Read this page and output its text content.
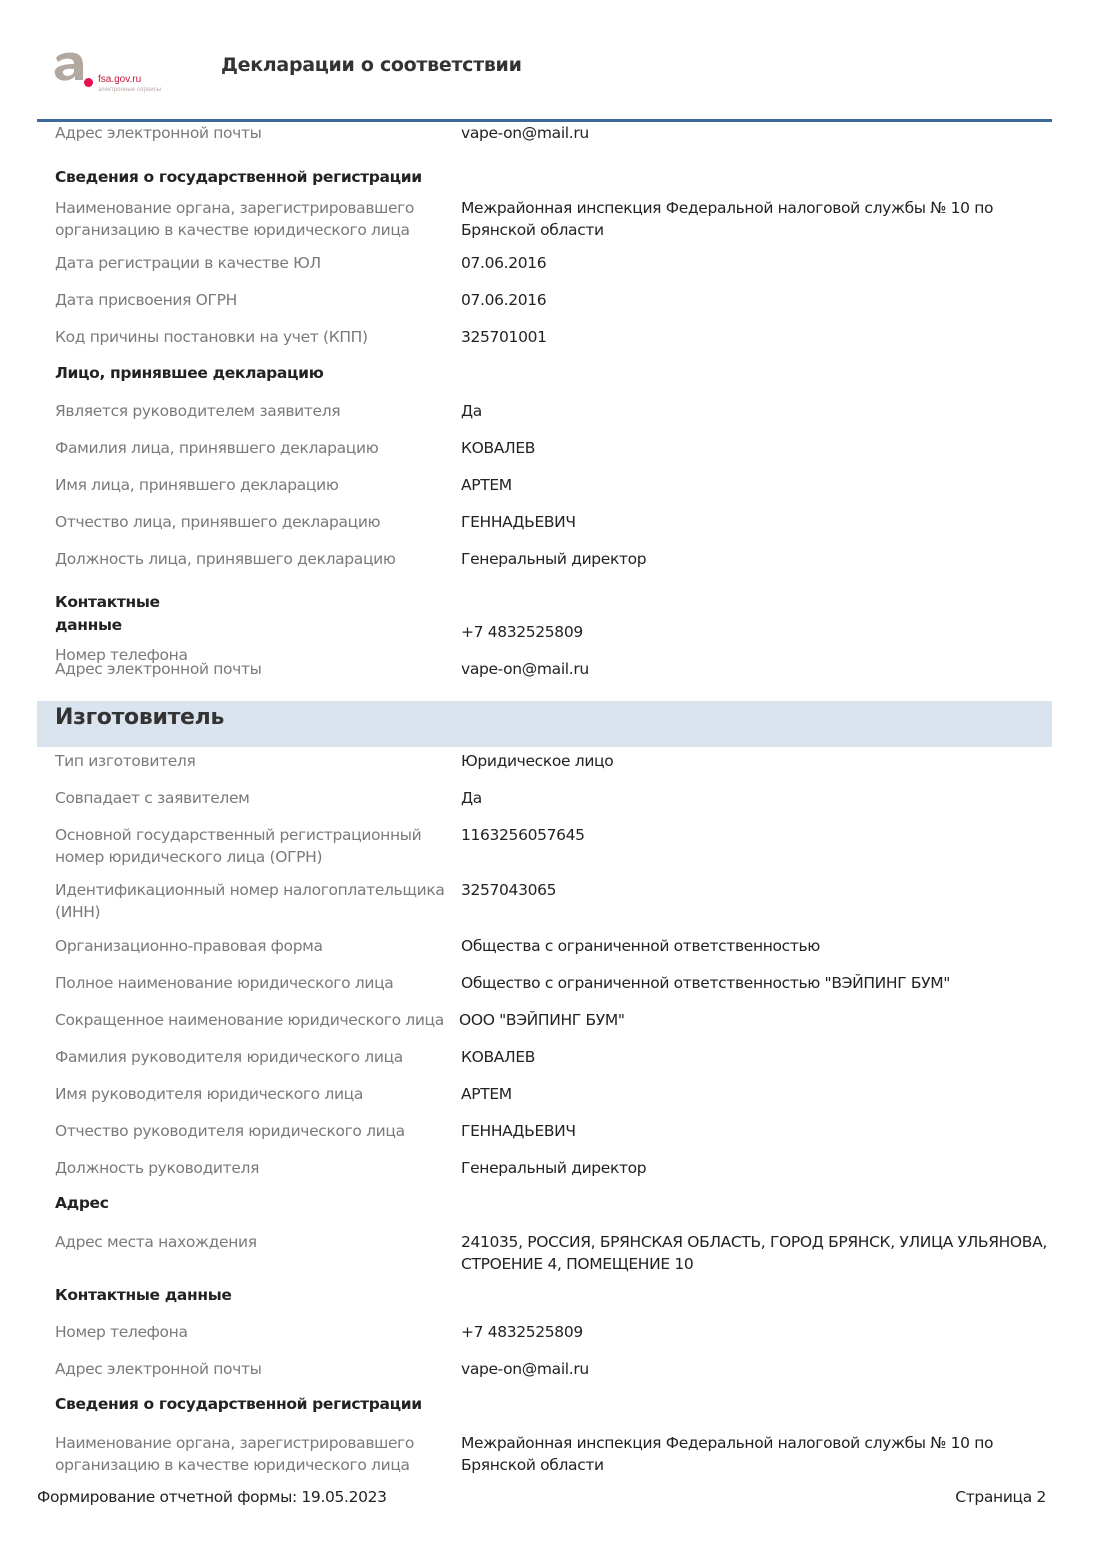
fsa.gov.ru
электронные сервисы
Декларации о соответствии
Адрес электронной почты	vape-on@mail.ru
Сведения о государственной регистрации
Наименование органа, зарегистрировавшего организацию в качестве юридического лица
Межрайонная инспекция Федеральной налоговой службы № 10 по Брянской области
Дата регистрации в качестве ЮЛ	07.06.2016
Дата присвоения ОГРН	07.06.2016
Код причины постановки на учет (КПП)	325701001
Лицо, принявшее декларацию
Является руководителем заявителя	Да
Фамилия лица, принявшего декларацию	КОВАЛЕВ
Имя лица, принявшего декларацию	АРТЕМ
Отчество лица, принявшего декларацию	ГЕННАДЬЕВИЧ
Должность лица, принявшего декларацию	Генеральный директор
Контактные
данные
Номер телефона
+7 4832525809
Адрес электронной почты	vape-on@mail.ru
Изготовитель
Тип изготовителя	Юридическое лицо
Совпадает с заявителем	Да
Основной государственный регистрационный номер юридического лица (ОГРН)
1163256057645
Идентификационный номер налогоплательщика (ИНН)
3257043065
Организационно-правовая форма	Общества с ограниченной ответственностью
Полное наименование юридического лица	Общество с ограниченной ответственностью "ВЭЙПИНГ БУМ"
Сокращенное наименование юридического лица ООО "ВЭЙПИНГ БУМ"
Фамилия руководителя юридического лица	КОВАЛЕВ
Имя руководителя юридического лица	АРТЕМ
Отчество руководителя юридического лица	ГЕННАДЬЕВИЧ
Должность руководителя	Генеральный директор
Адрес
Адрес места нахождения	241035, РОССИЯ, БРЯНСКАЯ ОБЛАСТЬ, ГОРОД БРЯНСК, УЛИЦА УЛЬЯНОВА, СТРОЕНИЕ 4, ПОМЕЩЕНИЕ 10
Контактные данные
Номер телефона	+7 4832525809
Адрес электронной почты	vape-on@mail.ru
Сведения о государственной регистрации
Наименование органа, зарегистрировавшего организацию в качестве юридического лица
Межрайонная инспекция Федеральной налоговой службы № 10 по Брянской области
Формирование отчетной формы: 19.05.2023	Страница 2
